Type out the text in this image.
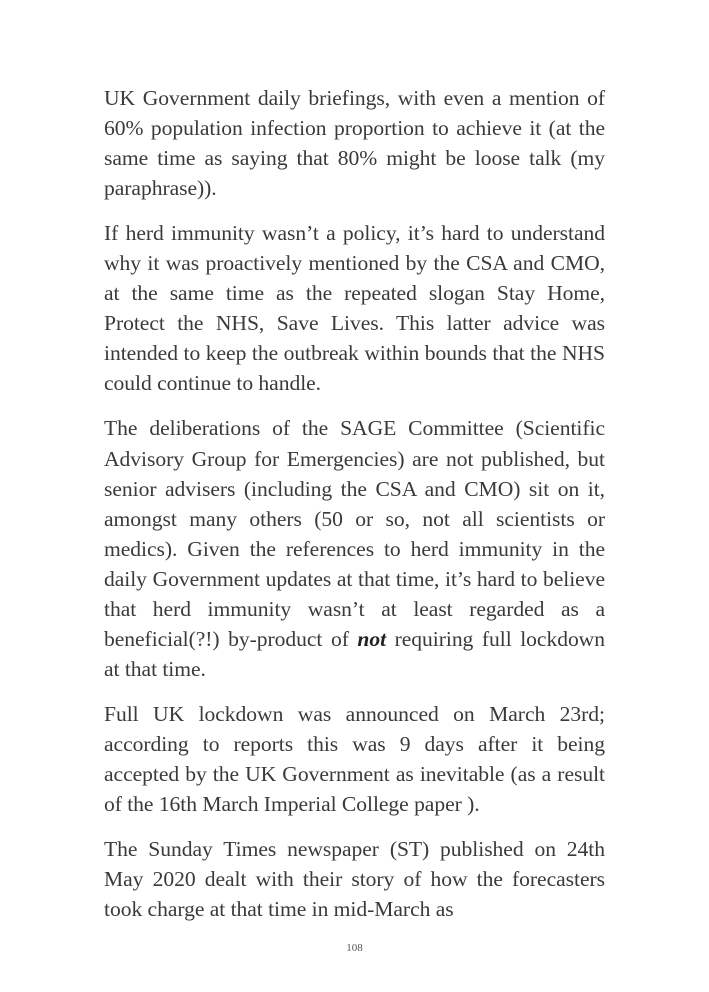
UK Government daily briefings, with even a mention of 60% population infection proportion to achieve it (at the same time as saying that 80% might be loose talk (my paraphrase)).

If herd immunity wasn’t a policy, it’s hard to understand why it was proactively mentioned by the CSA and CMO, at the same time as the repeated slogan Stay Home, Protect the NHS, Save Lives. This latter advice was intended to keep the outbreak within bounds that the NHS could continue to handle.

The deliberations of the SAGE Committee (Scientific Advisory Group for Emergencies) are not published, but senior advisers (including the CSA and CMO) sit on it, amongst many others (50 or so, not all scientists or medics). Given the references to herd immunity in the daily Government updates at that time, it’s hard to believe that herd immunity wasn’t at least regarded as a beneficial(?!) by-product of not requiring full lockdown at that time.

Full UK lockdown was announced on March 23rd; according to reports this was 9 days after it being accepted by the UK Government as inevitable (as a result of the 16th March Imperial College paper ).

The Sunday Times newspaper (ST) published on 24th May 2020 dealt with their story of how the forecasters took charge at that time in mid-March as

108
